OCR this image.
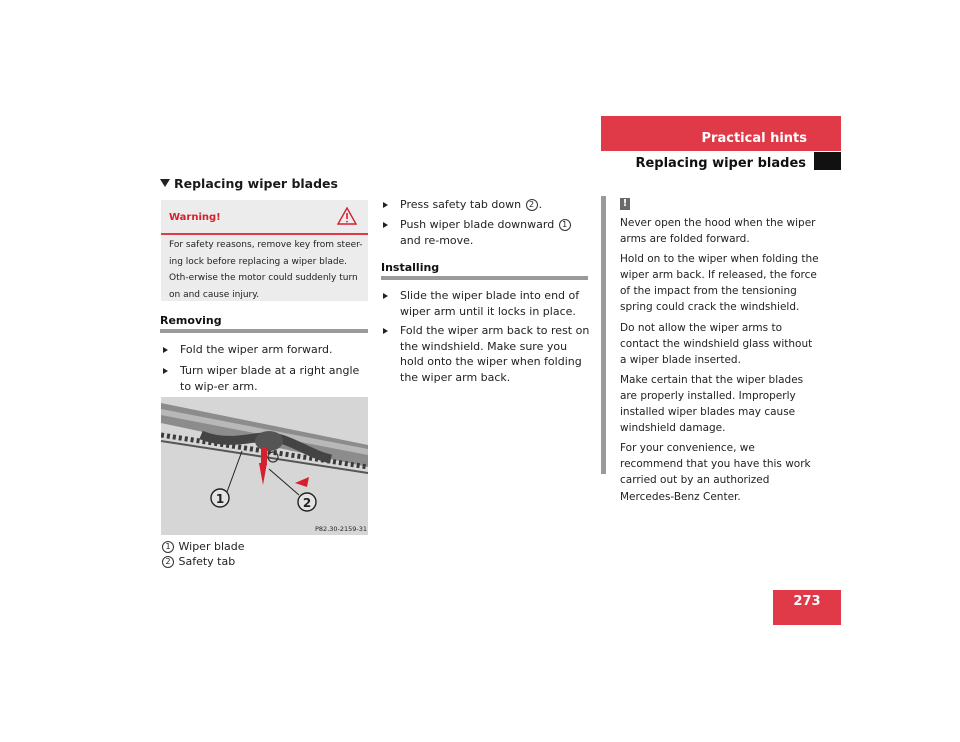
Practical hints
Replacing wiper blades
Replacing wiper blades
Warning!
For safety reasons, remove key from steer-ing lock before replacing a wiper blade. Oth-erwise the motor could suddenly turn on and cause injury.
Removing
Fold the wiper arm forward.
Turn wiper blade at a right angle to wip-er arm.
1	2
P82.30-2159-31
1 Wiper blade
2 Safety tab
Press safety tab down 2 .
Push wiper blade downward 1 and re-move.
Installing
Slide the wiper blade into end of wiper arm until it locks in place.
Fold the wiper arm back to rest on the windshield. Make sure you hold onto the wiper when folding the wiper arm back.
!

Never open the hood when the wiper arms are folded forward.

Hold on to the wiper when folding the wiper arm back. If released, the force of the impact from the tensioning spring could crack the windshield.

Do not allow the wiper arms to contact the windshield glass without a wiper blade inserted.

Make certain that the wiper blades are properly installed. Improperly installed wiper blades may cause windshield damage.

For your convenience, we recommend that you have this work carried out by an authorized Mercedes-Benz Center.

273
